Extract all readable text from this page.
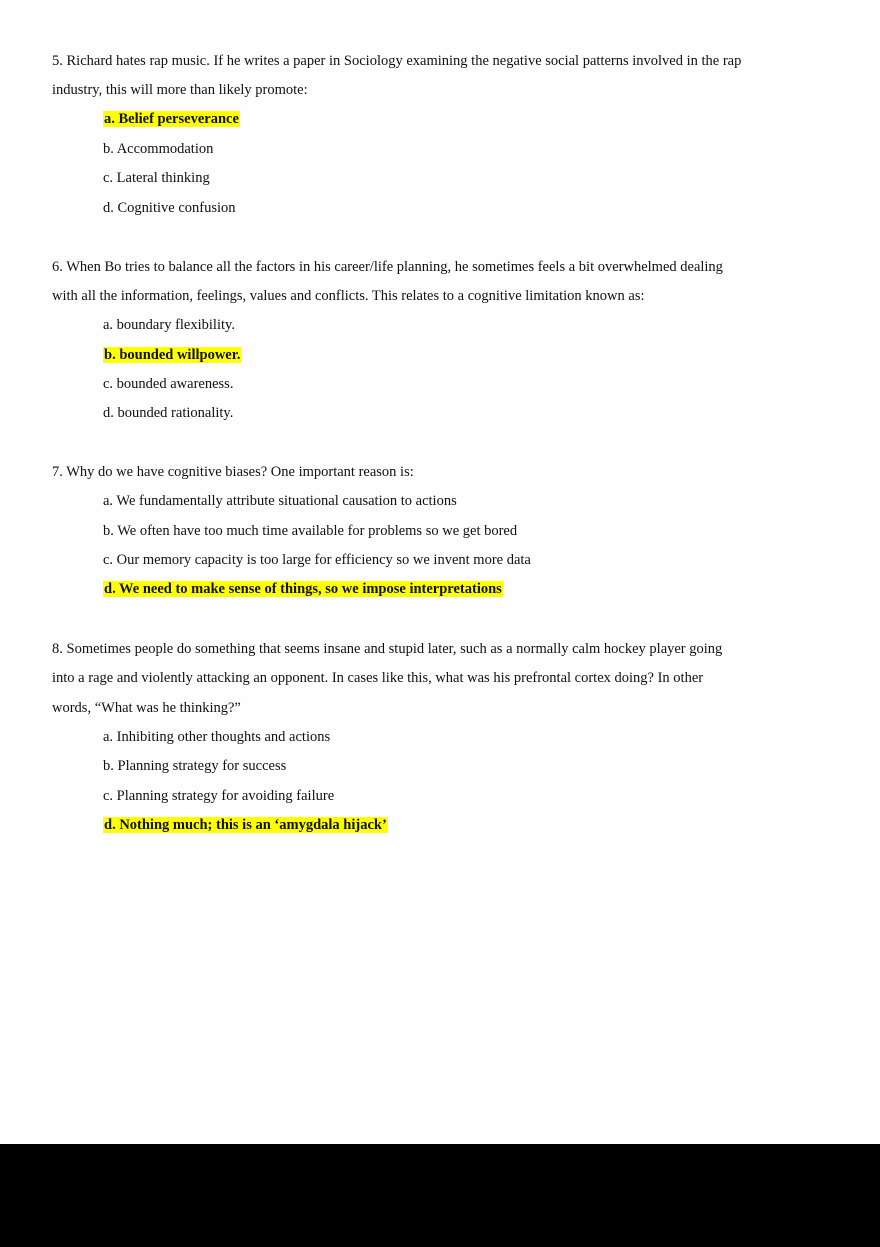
5. Richard hates rap music. If he writes a paper in Sociology examining the negative social patterns involved in the rap
industry, this will more than likely promote:
a. Belief perseverance
b. Accommodation
c. Lateral thinking
d. Cognitive confusion
6. When Bo tries to balance all the factors in his career/life planning, he sometimes feels a bit overwhelmed dealing
with all the information, feelings, values and conflicts. This relates to a cognitive limitation known as:
a. boundary flexibility.
b. bounded willpower.
c. bounded awareness.
d. bounded rationality.
7. Why do we have cognitive biases? One important reason is:
a. We fundamentally attribute situational causation to actions
b. We often have too much time available for problems so we get bored
c. Our memory capacity is too large for efficiency so we invent more data
d. We need to make sense of things, so we impose interpretations
8. Sometimes people do something that seems insane and stupid later, such as a normally calm hockey player going
into a rage and violently attacking an opponent. In cases like this, what was his prefrontal cortex doing? In other
words, “What was he thinking?”
a. Inhibiting other thoughts and actions
b. Planning strategy for success
c. Planning strategy for avoiding failure
d. Nothing much; this is an ‘amygdala hijack’
